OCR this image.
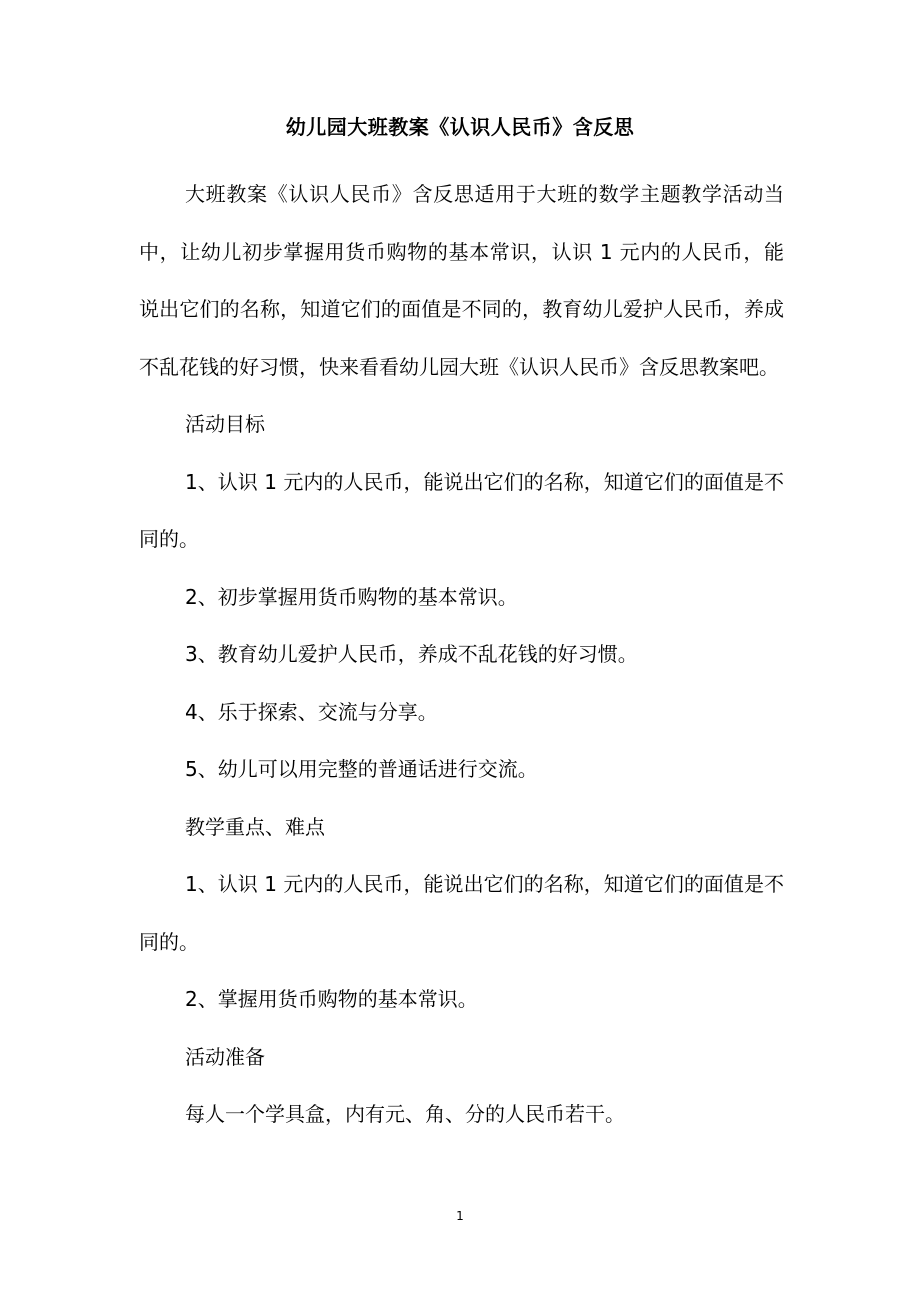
幼儿园大班教案《认识人民币》含反思

大班教案《认识人民币》含反思适用于大班的数学主题教学活动当中，让幼儿初步掌握用货币购物的基本常识，认识 1 元内的人民币，能说出它们的名称，知道它们的面值是不同的，教育幼儿爱护人民币，养成不乱花钱的好习惯，快来看看幼儿园大班《认识人民币》含反思教案吧。

活动目标

1、认识 1 元内的人民币，能说出它们的名称，知道它们的面值是不同的。

2、初步掌握用货币购物的基本常识。

3、教育幼儿爱护人民币，养成不乱花钱的好习惯。

4、乐于探索、交流与分享。

5、幼儿可以用完整的普通话进行交流。

教学重点、难点

1、认识 1 元内的人民币，能说出它们的名称，知道它们的面值是不同的。

2、掌握用货币购物的基本常识。

活动准备

每人一个学具盒，内有元、角、分的人民币若干。

1
